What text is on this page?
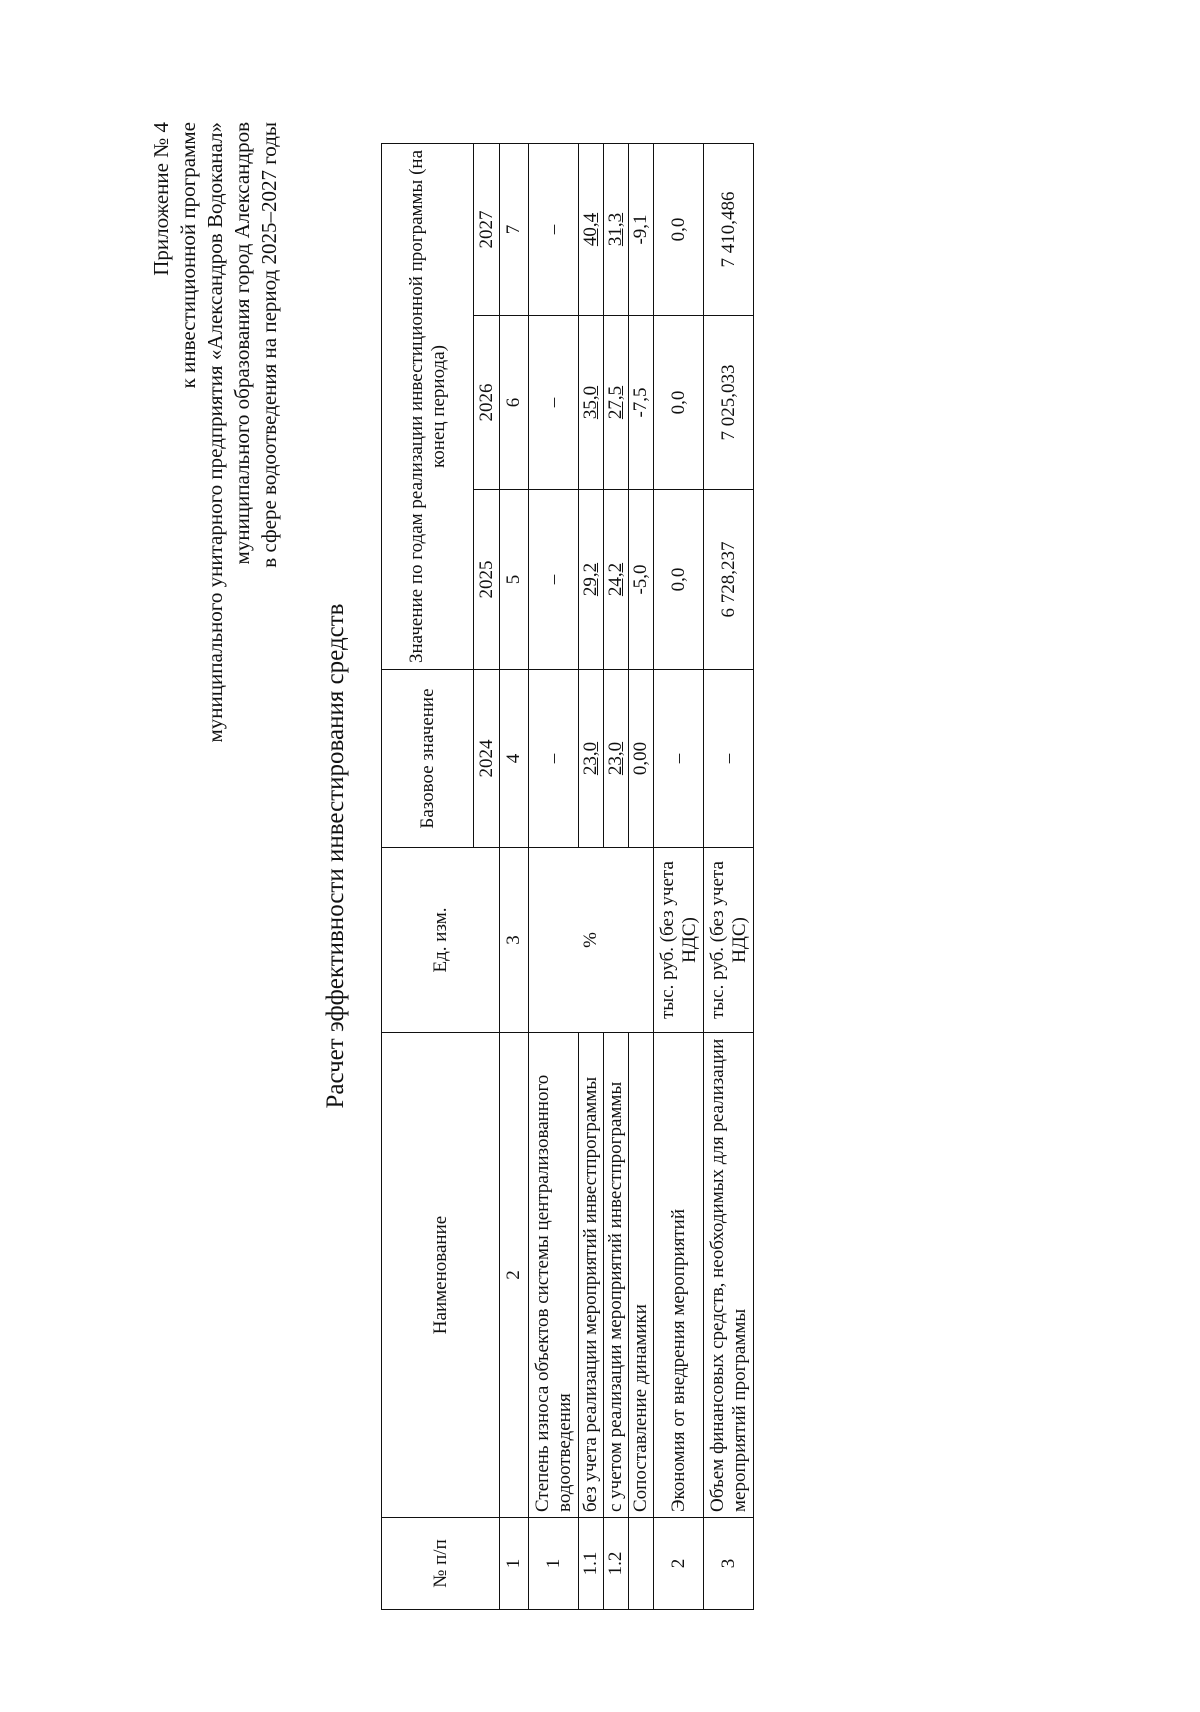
Приложение № 4 к инвестиционной программе муниципального унитарного предприятия «Александров Водоканал» муниципального образования город Александров в сфере водоотведения на период 2025–2027 годы
Расчет эффективности инвестирования средств
№ п/п	Наименование	Ед. изм.	Базовое значение	Значение по годам реализации инвестиционной программы (на конец периода)		
			2024	2025	2026	2027
1	2	3	4	5	6	7
1	Степень износа объектов системы централизованного водоотведения	%	–	–	–	–
1.1	без учета реализации мероприятий инвестпрограммы		23,0	29,2	35,0	40,4
1.2	с учетом реализации мероприятий инвестпрограммы		23,0	24,2	27,5	31,3
	Сопоставление динамики		0,00	-5,0	-7,5	-9,1
2	Экономия от внедрения мероприятий	тыс. руб. (без учета НДС)	–	0,0	0,0	0,0
3	Объем финансовых средств, необходимых для реализации мероприятий программы	тыс. руб. (без учета НДС)	–	6 728,237	7 025,033	7 410,486
